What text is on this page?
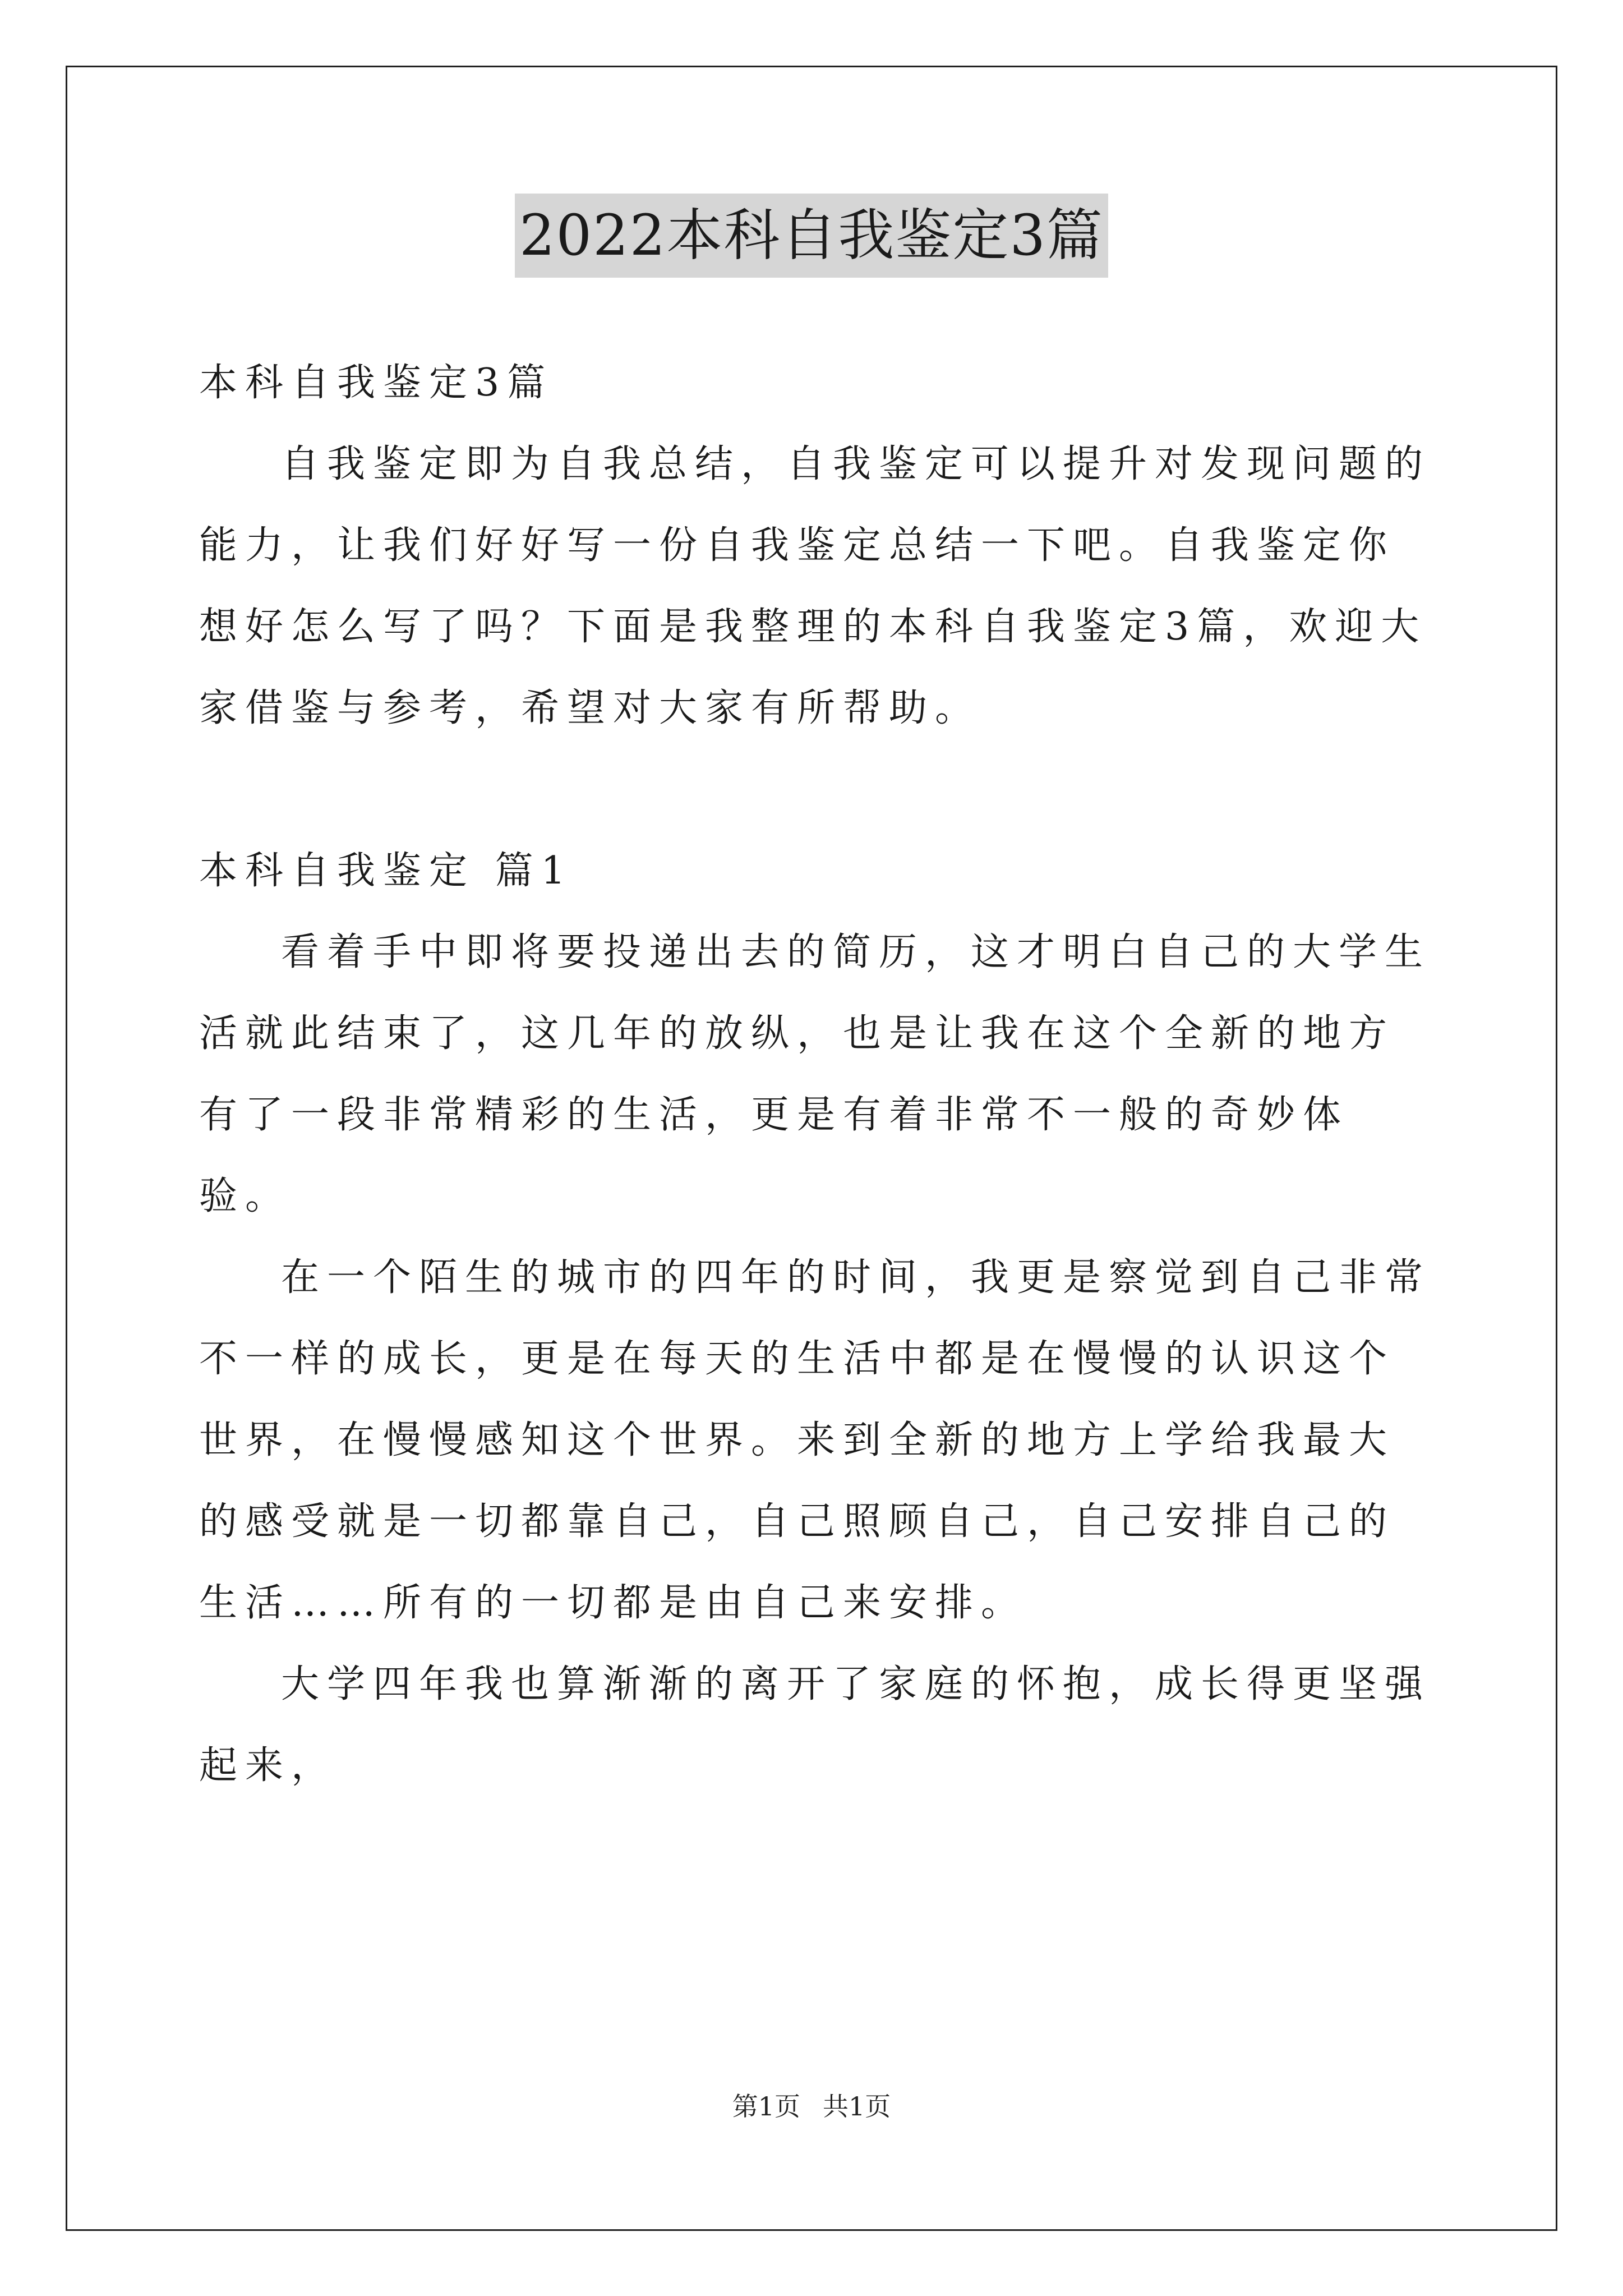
2022本科自我鉴定3篇

本科自我鉴定3篇

自我鉴定即为自我总结，自我鉴定可以提升对发现问题的能力，让我们好好写一份自我鉴定总结一下吧。自我鉴定你想好怎么写了吗？下面是我整理的本科自我鉴定3篇，欢迎大家借鉴与参考，希望对大家有所帮助。

本科自我鉴定 篇1

看着手中即将要投递出去的简历，这才明白自己的大学生活就此结束了，这几年的放纵，也是让我在这个全新的地方有了一段非常精彩的生活，更是有着非常不一般的奇妙体验。

在一个陌生的城市的四年的时间，我更是察觉到自己非常不一样的成长，更是在每天的生活中都是在慢慢的认识这个世界，在慢慢感知这个世界。来到全新的地方上学给我最大的感受就是一切都靠自己，自己照顾自己，自己安排自己的生活……所有的一切都是由自己来安排。

大学四年我也算渐渐的离开了家庭的怀抱，成长得更坚强起来，

第1页 共1页
